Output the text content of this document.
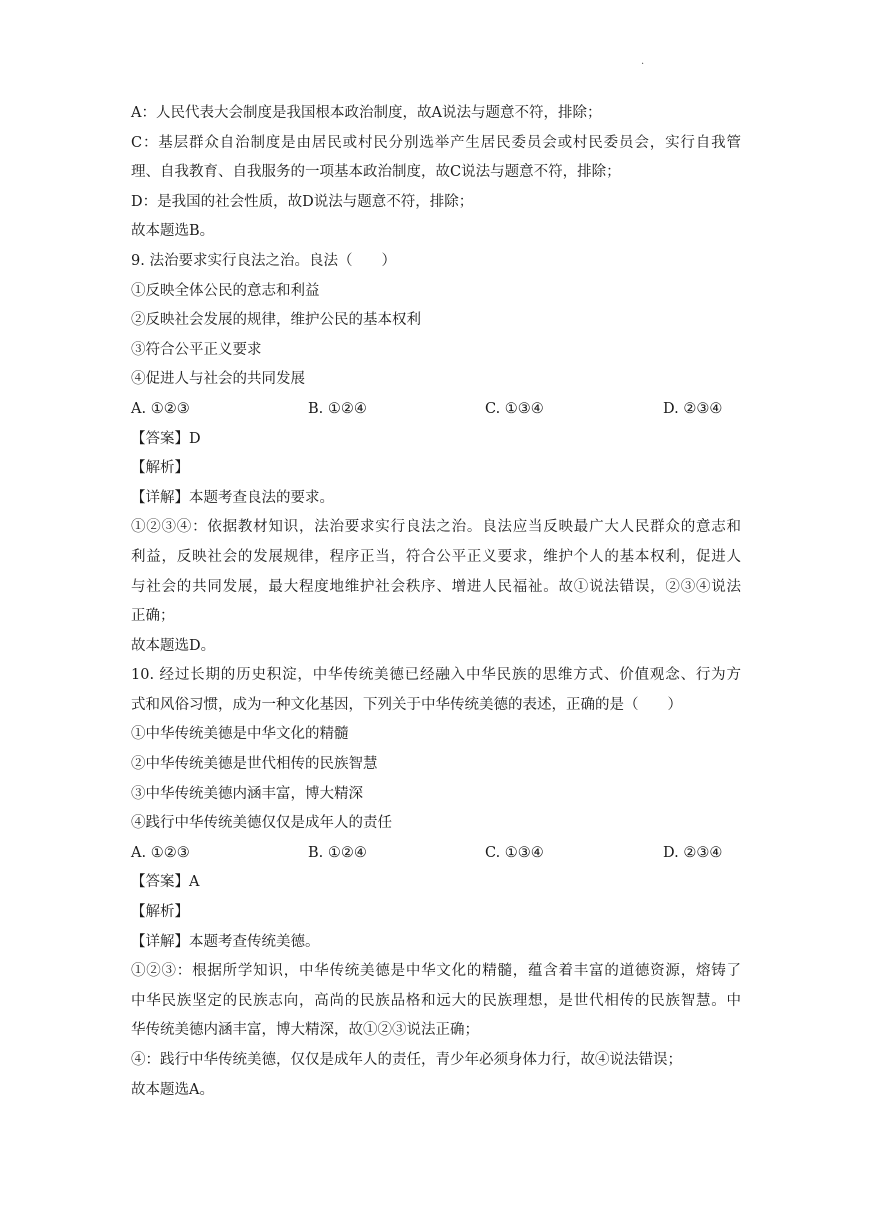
.
A：人民代表大会制度是我国根本政治制度，故A说法与题意不符，排除；
C：基层群众自治制度是由居民或村民分别选举产生居民委员会或村民委员会，实行自我管
理、自我教育、自我服务的一项基本政治制度，故C说法与题意不符，排除；
D：是我国的社会性质，故D说法与题意不符，排除；
故本题选B。
9. 法治要求实行良法之治。良法（　　）
①反映全体公民的意志和利益
②反映社会发展的规律，维护公民的基本权利
③符合公平正义要求
④促进人与社会的共同发展
A. ①②③	B. ①②④	C. ①③④	D. ②③④
【答案】D
【解析】
【详解】本题考查良法的要求。
①②③④：依据教材知识，法治要求实行良法之治。良法应当反映最广大人民群众的意志和
利益，反映社会的发展规律，程序正当，符合公平正义要求，维护个人的基本权利，促进人
与社会的共同发展，最大程度地维护社会秩序、增进人民福祉。故①说法错误，②③④说法
正确；
故本题选D。
10. 经过长期的历史积淀，中华传统美德已经融入中华民族的思维方式、价值观念、行为方
式和风俗习惯，成为一种文化基因，下列关于中华传统美德的表述，正确的是（　　）
①中华传统美德是中华文化的精髓
②中华传统美德是世代相传的民族智慧
③中华传统美德内涵丰富，博大精深
④践行中华传统美德仅仅是成年人的责任
A. ①②③	B. ①②④	C. ①③④	D. ②③④
【答案】A
【解析】
【详解】本题考查传统美德。
①②③：根据所学知识，中华传统美德是中华文化的精髓，蕴含着丰富的道德资源，熔铸了
中华民族坚定的民族志向，高尚的民族品格和远大的民族理想，是世代相传的民族智慧。中
华传统美德内涵丰富，博大精深，故①②③说法正确；
④：践行中华传统美德，仅仅是成年人的责任，青少年必须身体力行，故④说法错误；
故本题选A。
